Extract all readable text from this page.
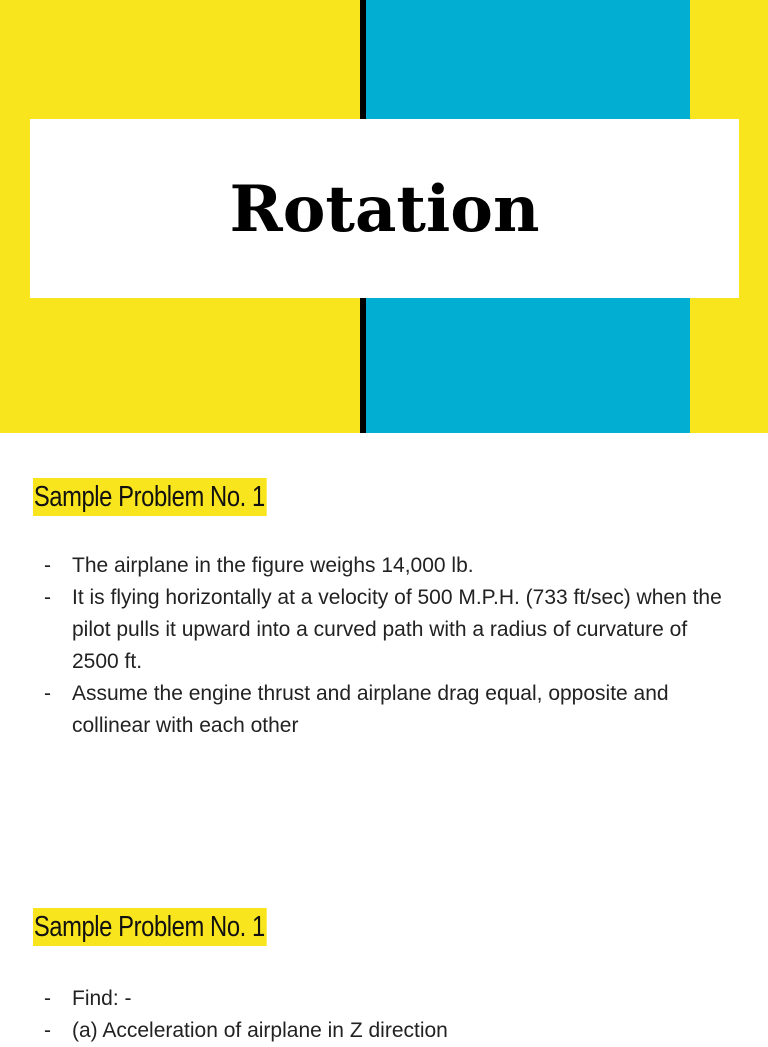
Rotation
Sample Problem No. 1
- The airplane in the figure weighs 14,000 lb.
- It is flying horizontally at a velocity of 500 M.P.H. (733 ft/sec) when the pilot pulls it upward into a curved path with a radius of curvature of 2500 ft.
- Assume the engine thrust and airplane drag equal, opposite and collinear with each other
Sample Problem No. 1
- Find: -
- (a) Acceleration of airplane in Z direction
